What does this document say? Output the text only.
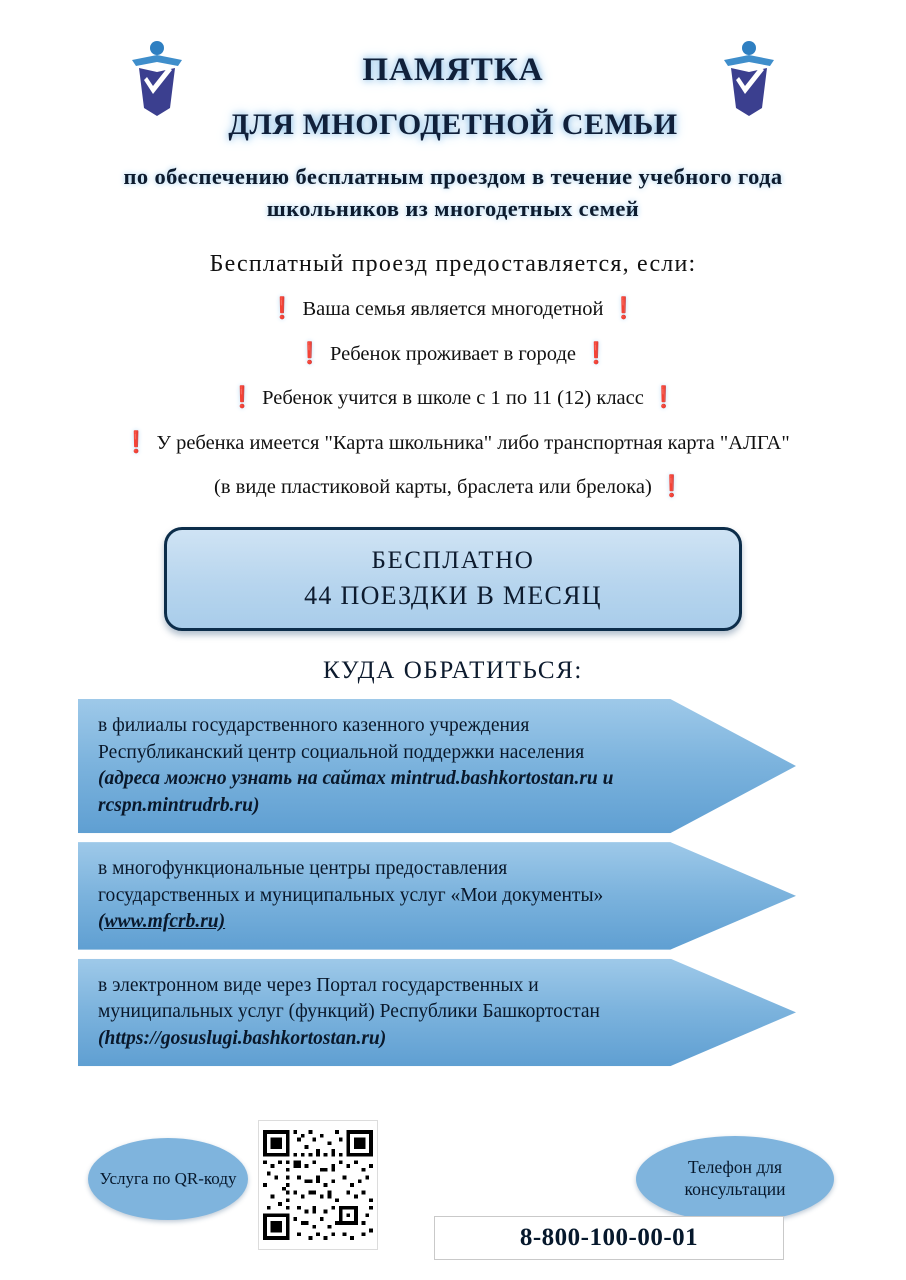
ПАМЯТКА
ДЛЯ МНОГОДЕТНОЙ СЕМЬИ
по обеспечению бесплатным проездом в течение учебного года школьников из многодетных семей
Бесплатный проезд предоставляется, если:
❗ Ваша семья является многодетной ❗
❗ Ребенок проживает в городе ❗
❗ Ребенок учится в школе с 1 по 11 (12) класс ❗
❗ У ребенка имеется "Карта школьника" либо транспортная карта "АЛГА"
(в виде пластиковой карты, браслета или брелока) ❗
БЕСПЛАТНО
44 ПОЕЗДКИ В МЕСЯЦ
КУДА ОБРАТИТЬСЯ:
в филиалы государственного казенного учреждения
Республиканский центр социальной поддержки населения
(адреса можно узнать на сайтах mintrud.bashkortostan.ru и
rcspn.mintrudrb.ru)
в многофункциональные центры предоставления
государственных и муниципальных услуг «Мои документы»
(www.mfcrb.ru)
в электронном виде через Портал государственных и
муниципальных услуг (функций) Республики Башкортостан
(https://gosuslugi.bashkortostan.ru)
Услуга по QR-коду
Телефон для консультации
8-800-100-00-01
